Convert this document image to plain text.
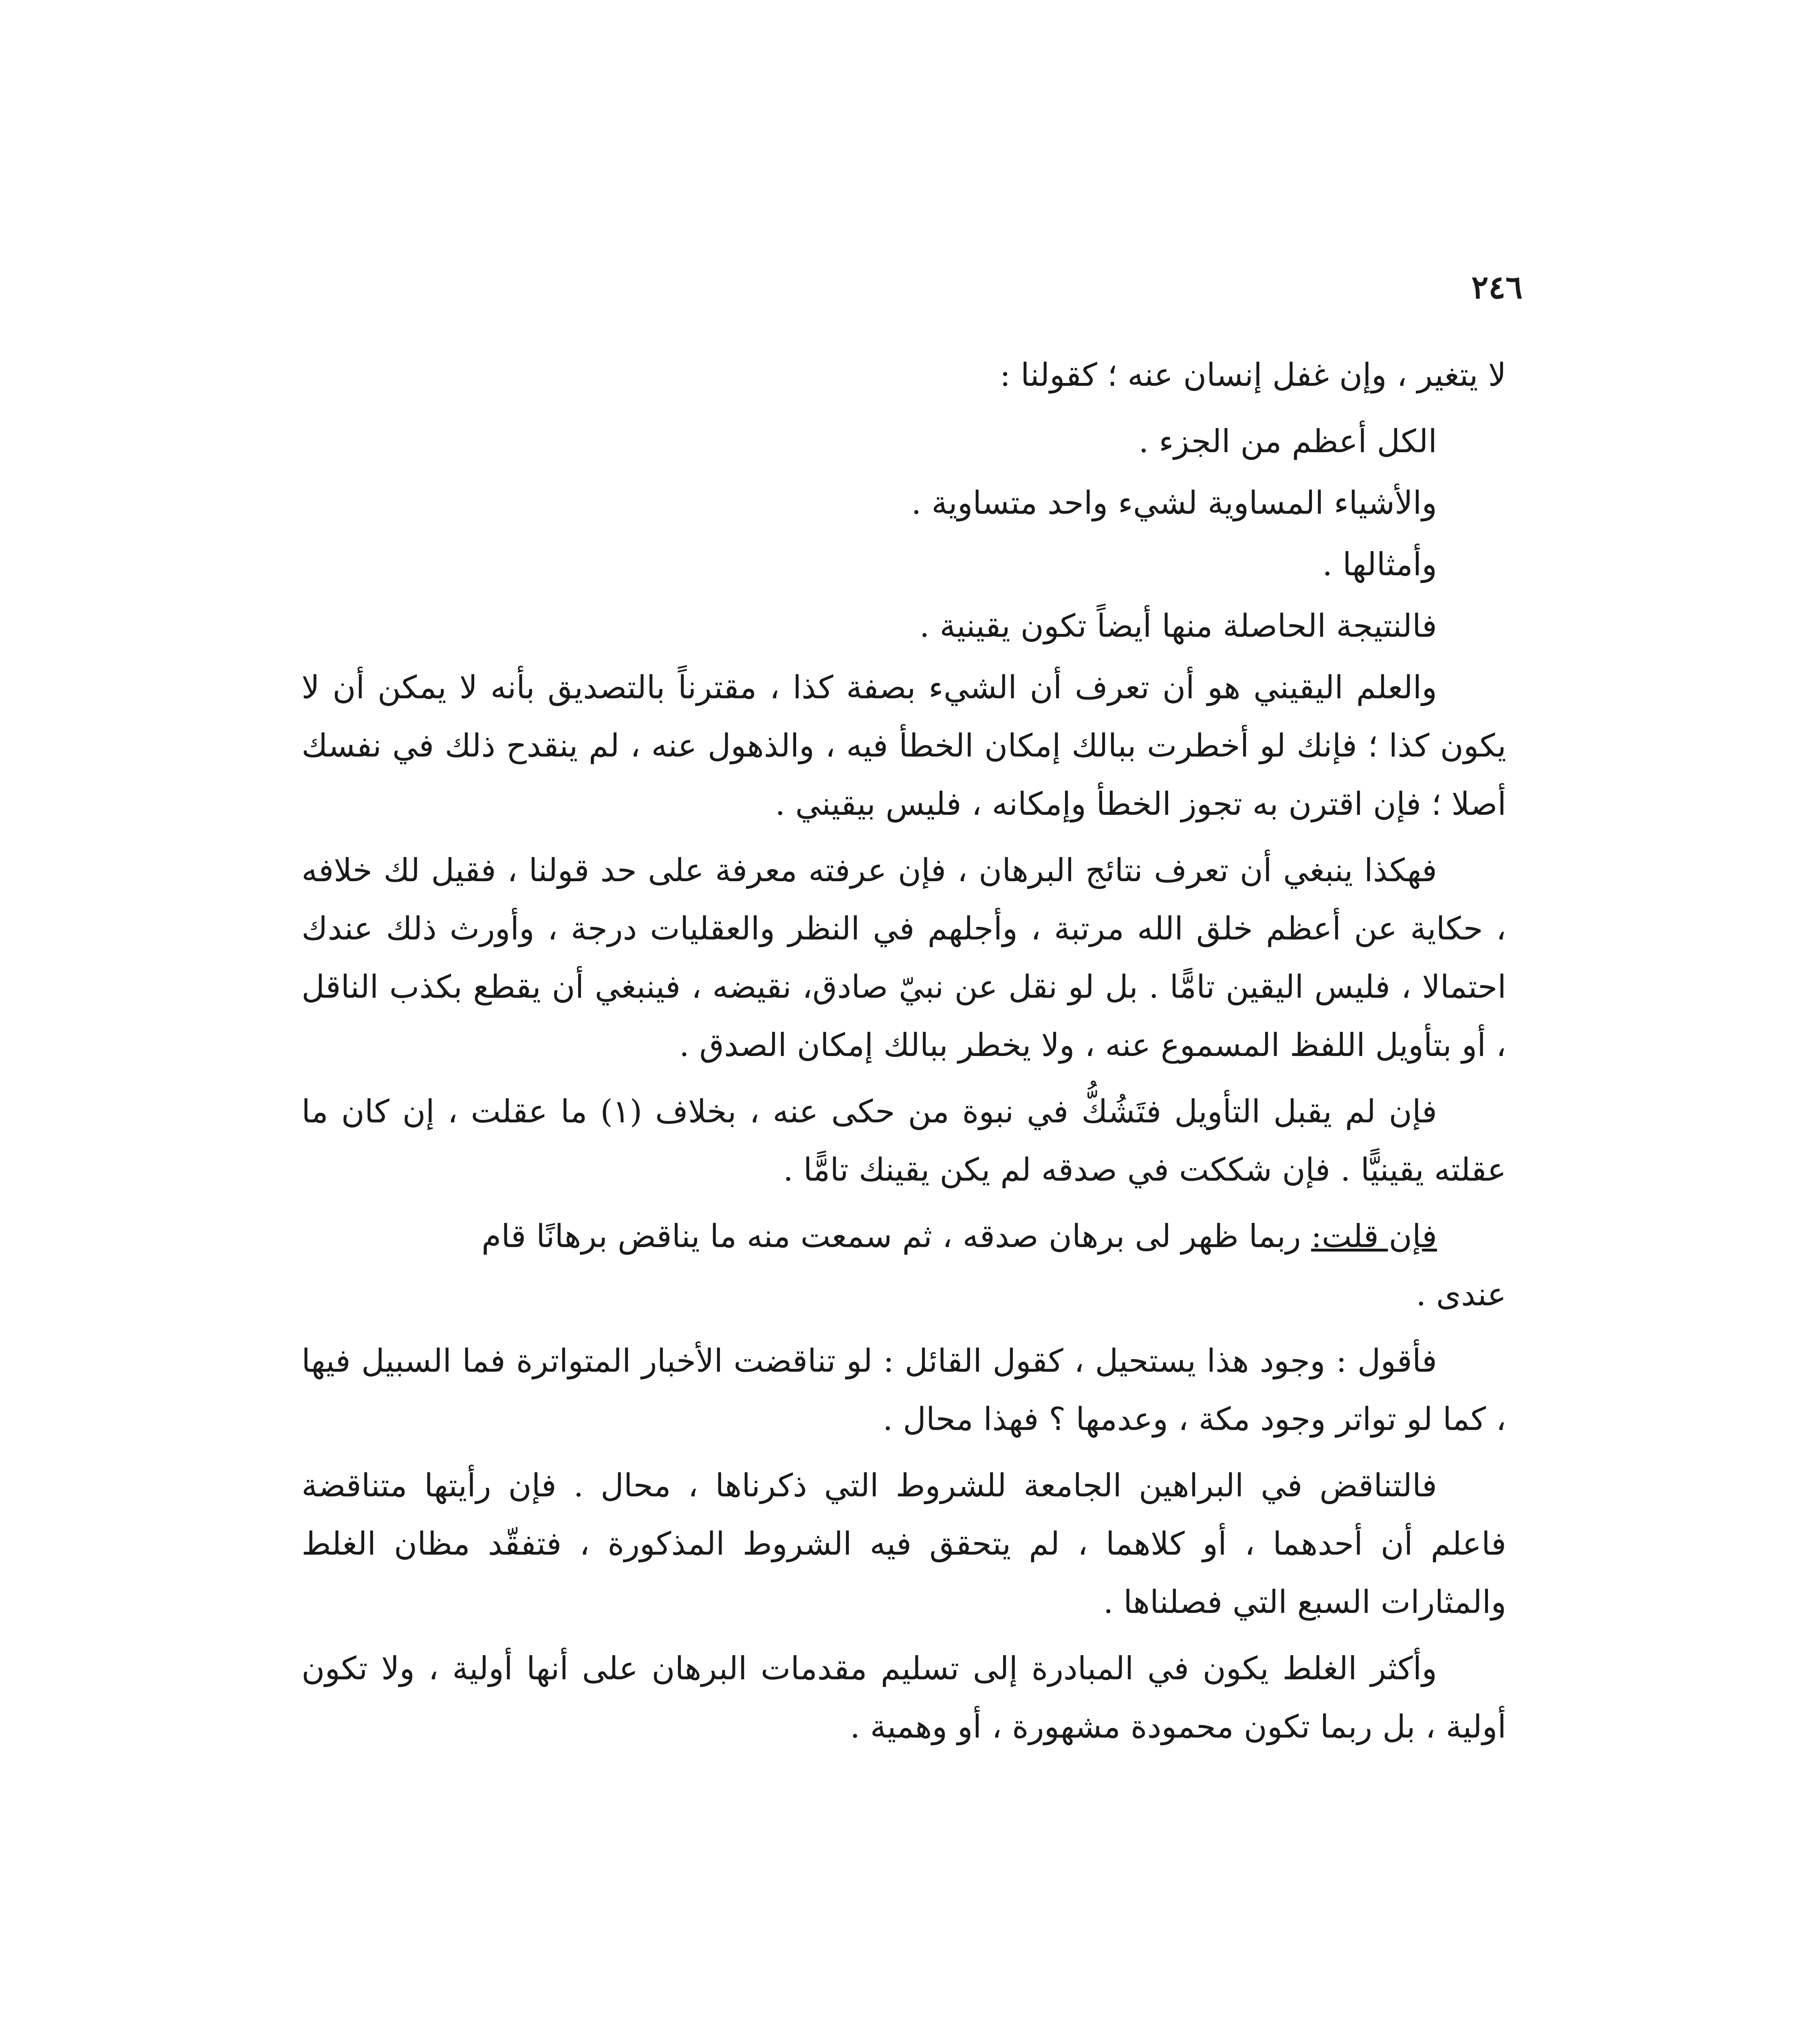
٢٤٦

لا يتغير ، وإن غفل إنسان عنه ؛ كقولنا :

الكل أعظم من الجزء .

والأشياء المساوية لشيء واحد متساوية .

وأمثالها .

فالنتيجة الحاصلة منها أيضاً تكون يقينية .

والعلم اليقيني هو أن تعرف أن الشيء بصفة كذا ، مقترناً بالتصديق بأنه لا يمكن أن لا يكون كذا ؛ فإنك لو أخطرت ببالك إمكان الخطأ فيه ، والذهول عنه ، لم ينقدح ذلك في نفسك أصلا ؛ فإن اقترن به تجوز الخطأ وإمكانه ، فليس بيقيني .

فهكذا ينبغي أن تعرف نتائج البرهان ، فإن عرفته معرفة على حد قولنا ، فقيل لك خلافه ، حكاية عن أعظم خلق الله مرتبة ، وأجلهم في النظر والعقليات درجة ، وأورث ذلك عندك احتمالا ، فليس اليقين تامًّا . بل لو نقل عن نبيّ صادق، نقيضه ، فينبغي أن يقطع بكذب الناقل ، أو بتأويل اللفظ المسموع عنه ، ولا يخطر ببالك إمكان الصدق .

فإن لم يقبل التأويل فتَشُكُّ في نبوة من حكى عنه ، بخلاف (١) ما عقلت ، إن كان ما عقلته يقينيًّا . فإن شككت في صدقه لم يكن يقينك تامًّا .

فإن قلت: ربما ظهر لى برهان صدقه ، ثم سمعت منه ما يناقض برهانًا قام

عندى .

فأقول : وجود هذا يستحيل ، كقول القائل : لو تناقضت الأخبار المتواترة فما السبيل فيها ، كما لو تواتر وجود مكة ، وعدمها ؟ فهذا محال .

فالتناقض في البراهين الجامعة للشروط التي ذكرناها ، محال . فإن رأيتها متناقضة فاعلم أن أحدهما ، أو كلاهما ، لم يتحقق فيه الشروط المذكورة ، فتفقّد مظان الغلط والمثارات السبع التي فصلناها .

وأكثر الغلط يكون في المبادرة إلى تسليم مقدمات البرهان على أنها أولية ، ولا تكون أولية ، بل ربما تكون محمودة مشهورة ، أو وهمية .
